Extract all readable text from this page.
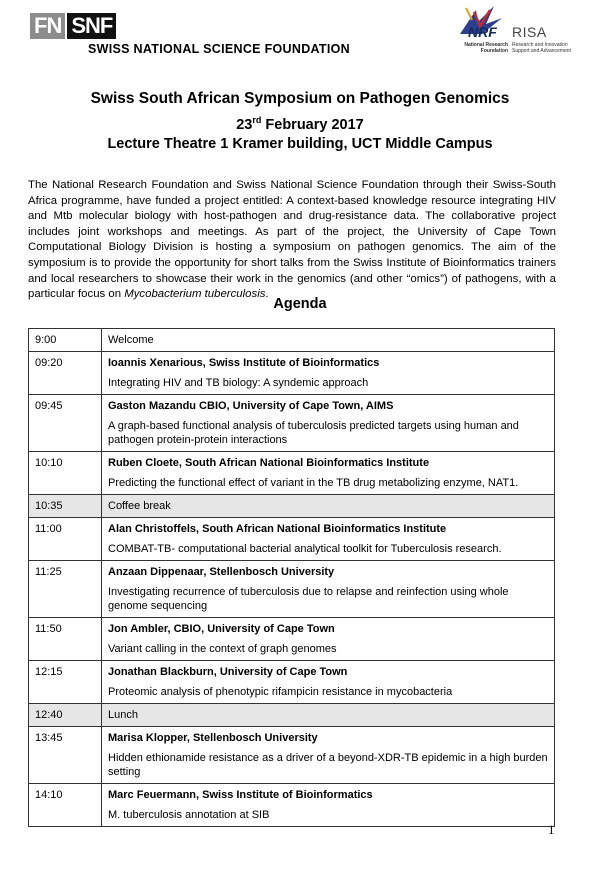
FN SNF
SWISS NATIONAL SCIENCE FOUNDATION
NRF RISA
National Research Foundation
Research and Innovation Support and Advancement
Swiss South African Symposium on Pathogen Genomics
23rd February 2017
Lecture Theatre 1 Kramer building, UCT Middle Campus
The National Research Foundation and Swiss National Science Foundation through their Swiss-South Africa programme, have funded a project entitled: A context-based knowledge resource integrating HIV and Mtb molecular biology with host-pathogen and drug-resistance data. The collaborative project includes joint workshops and meetings. As part of the project, the University of Cape Town Computational Biology Division is hosting a symposium on pathogen genomics. The aim of the symposium is to provide the opportunity for short talks from the Swiss Institute of Bioinformatics trainers and local researchers to showcase their work in the genomics (and other “omics”) of pathogens, with a particular focus on Mycobacterium tuberculosis.
Agenda
9:00	Welcome

09:20	Ioannis Xenarious, Swiss Institute of Bioinformatics
Integrating HIV and TB biology: A syndemic approach

09:45	Gaston Mazandu CBIO, University of Cape Town, AIMS
A graph-based functional analysis of tuberculosis predicted targets using human and pathogen protein-protein interactions

10:10	Ruben Cloete, South African National Bioinformatics Institute
Predicting the functional effect of variant in the TB drug metabolizing enzyme, NAT1.

10:35	Coffee break

11:00	Alan Christoffels, South African National Bioinformatics Institute
COMBAT-TB- computational bacterial analytical toolkit for Tuberculosis research.

11:25	Anzaan Dippenaar, Stellenbosch University
Investigating recurrence of tuberculosis due to relapse and reinfection using whole genome sequencing

11:50	Jon Ambler, CBIO, University of Cape Town
Variant calling in the context of graph genomes

12:15	Jonathan Blackburn, University of Cape Town
Proteomic analysis of phenotypic rifampicin resistance in mycobacteria

12:40	Lunch

13:45	Marisa Klopper, Stellenbosch University
Hidden ethionamide resistance as a driver of a beyond-XDR-TB epidemic in a high burden setting

14:10	Marc Feuermann, Swiss Institute of Bioinformatics
M. tuberculosis annotation at SIB
1
